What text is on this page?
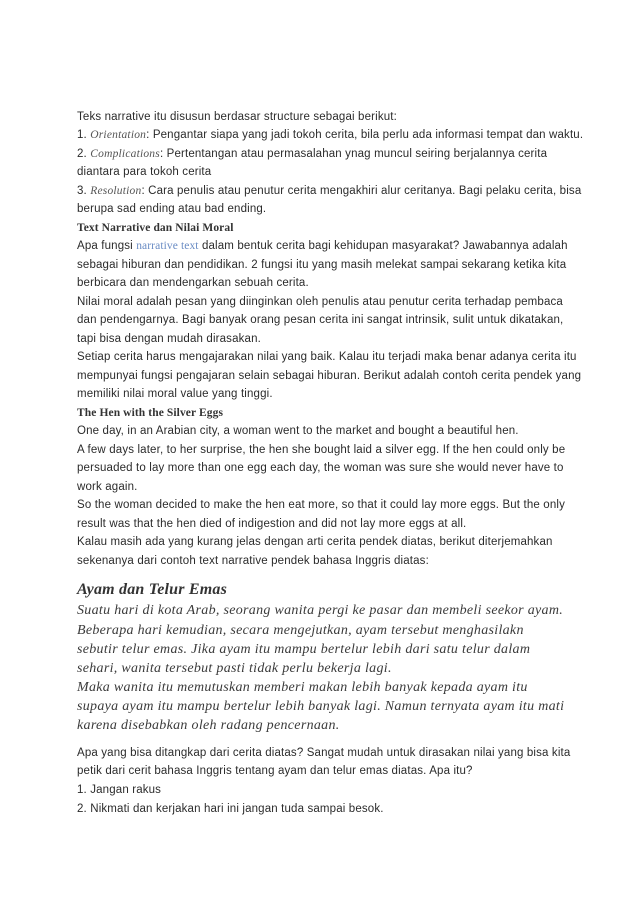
Teks narrative itu disusun berdasar structure sebagai berikut:
1. Orientation: Pengantar siapa yang jadi tokoh cerita, bila perlu ada informasi tempat dan waktu.
2. Complications: Pertentangan atau permasalahan ynag muncul seiring berjalannya cerita
diantara para tokoh cerita
3. Resolution: Cara penulis atau penutur cerita mengakhiri alur ceritanya. Bagi pelaku cerita, bisa
berupa sad ending atau bad ending.
Text Narrative dan Nilai Moral
Apa fungsi narrative text dalam bentuk cerita bagi kehidupan masyarakat? Jawabannya adalah
sebagai hiburan dan pendidikan. 2 fungsi itu yang masih melekat sampai sekarang ketika kita
berbicara dan mendengarkan sebuah cerita.
Nilai moral adalah pesan yang diinginkan oleh penulis atau penutur cerita terhadap pembaca
dan pendengarnya. Bagi banyak orang pesan cerita ini sangat intrinsik, sulit untuk dikatakan,
tapi bisa dengan mudah dirasakan.
Setiap cerita harus mengajarakan nilai yang baik. Kalau itu terjadi maka benar adanya cerita itu
mempunyai fungsi pengajaran selain sebagai hiburan. Berikut adalah contoh cerita pendek yang
memiliki nilai moral value yang tinggi.
The Hen with the Silver Eggs
One day, in an Arabian city, a woman went to the market and bought a beautiful hen.
A few days later, to her surprise, the hen she bought laid a silver egg. If the hen could only be
persuaded to lay more than one egg each day, the woman was sure she would never have to
work again.
So the woman decided to make the hen eat more, so that it could lay more eggs. But the only
result was that the hen died of indigestion and did not lay more eggs at all.
Kalau masih ada yang kurang jelas dengan arti cerita pendek diatas, berikut diterjemahkan
sekenanya dari contoh text narrative pendek bahasa Inggris diatas:
Ayam dan Telur Emas
Suatu hari di kota Arab, seorang wanita pergi ke pasar dan membeli seekor ayam.
Beberapa hari kemudian, secara mengejutkan, ayam tersebut menghasilakn
sebutir telur emas. Jika ayam itu mampu bertelur lebih dari satu telur dalam
sehari, wanita tersebut pasti tidak perlu bekerja lagi.
Maka wanita itu memutuskan memberi makan lebih banyak kepada ayam itu
supaya ayam itu mampu bertelur lebih banyak lagi. Namun ternyata ayam itu mati
karena disebabkan oleh radang pencernaan.
Apa yang bisa ditangkap dari cerita diatas? Sangat mudah untuk dirasakan nilai yang bisa kita
petik dari cerit bahasa Inggris tentang ayam dan telur emas diatas. Apa itu?
1. Jangan rakus
2. Nikmati dan kerjakan hari ini jangan tuda sampai besok.
